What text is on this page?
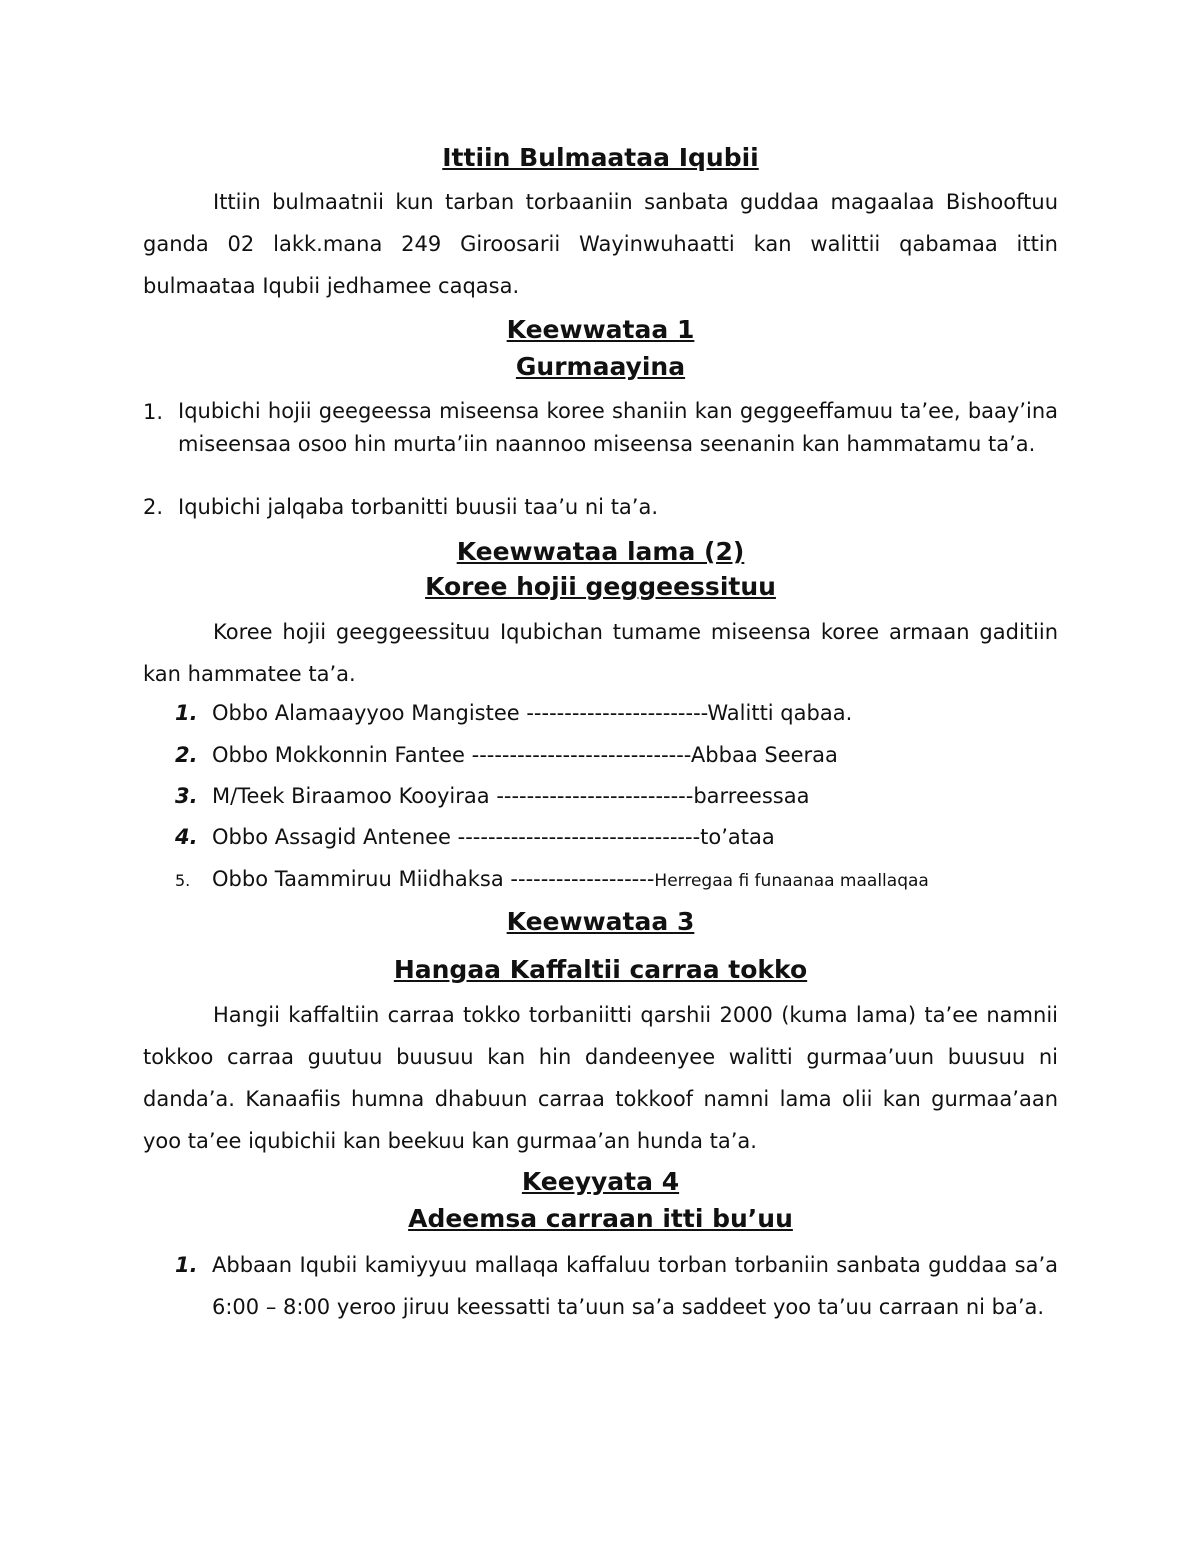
Ittiin Bulmaataa Iqubii

Ittiin bulmaatnii kun tarban torbaaniin sanbata guddaa magaalaa Bishooftuu ganda 02 lakk.mana 249 Giroosarii Wayinwuhaatti kan walittii qabamaa ittin bulmaataa Iqubii jedhamee caqasa.

Keewwataa 1
Gurmaayina
1. Iqubichi hojii geegeessa miseensa koree shaniin kan geggeeffamuu ta’ee, baay’ina miseensaa osoo hin murta’iin naannoo miseensa seenanin kan hammatamu ta’a.
2. Iqubichi jalqaba torbanitti buusii taa’u ni ta’a.
Keewwataa lama (2)
Koree hojii geggeessituu

Koree hojii geeggeessituu Iqubichan tumame miseensa koree armaan gaditiin kan hammatee ta’a.

1. Obbo Alamaayyoo Mangistee ------------------------Walitti qabaa.
2. Obbo Mokkonnin Fantee -----------------------------Abbaa Seeraa
3. M/Teek Biraamoo Kooyiraa --------------------------barreessaa
4. Obbo Assagid Antenee --------------------------------to’ataa
5. Obbo Taammiruu Miidhaksa -------------------Herregaa fi funaanaa maallaqaa
Keewwataa 3
Hangaa Kaffaltii carraa tokko

Hangii kaffaltiin carraa tokko torbaniitti qarshii 2000 (kuma lama) ta’ee namnii tokkoo carraa guutuu buusuu kan hin dandeenyee walitti gurmaa’uun buusuu ni danda’a. Kanaafiis humna dhabuun carraa tokkoof namni lama olii kan gurmaa’aan yoo ta’ee iqubichii kan beekuu kan gurmaa’an hunda ta’a.

Keeyyata 4
Adeemsa carraan itti bu’uu
1. Abbaan Iqubii kamiyyuu mallaqa kaffaluu torban torbaniin sanbata guddaa sa’a 6:00 – 8:00 yeroo jiruu keessatti ta’uun sa’a saddeet yoo ta’uu carraan ni ba’a.
